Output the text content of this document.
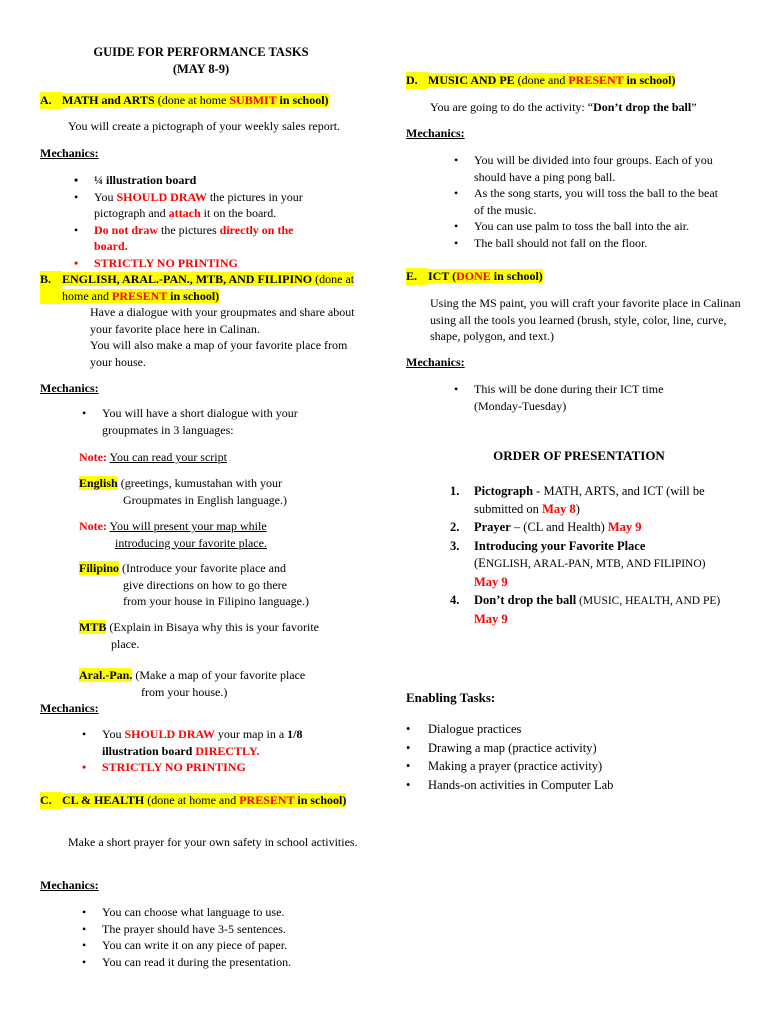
GUIDE FOR PERFORMANCE TASKS
(MAY 8-9)
A. MATH and ARTS (done at home SUBMIT in school)
You will create a pictograph of your weekly sales report.
Mechanics:
• ¼ illustration board
• You SHOULD DRAW the pictures in your pictograph and attach it on the board.
• Do not draw the pictures directly on the board.
• STRICTLY NO PRINTING
B. ENGLISH, ARAL.-PAN., MTB, AND FILIPINO (done at home and PRESENT in school)
Have a dialogue with your groupmates and share about your favorite place here in Calinan.
You will also make a map of your favorite place from your house.
Mechanics:
• You will have a short dialogue with your groupmates in 3 languages:
Note: You can read your script
English (greetings, kumustahan with your
Groupmates in English language.)
Note: You will present your map while
introducing your favorite place.
Filipino (Introduce your favorite place and
give directions on how to go there
from your house in Filipino language.)
MTB (Explain in Bisaya why this is your favorite
place.
Aral.-Pan. (Make a map of your favorite place
from your house.)
Mechanics:
• You SHOULD DRAW your map in a 1/8 illustration board DIRECTLY.
• STRICTLY NO PRINTING
C. CL & HEALTH (done at home and PRESENT in school)
Make a short prayer for your own safety in school activities.
Mechanics:
• You can choose what language to use.
• The prayer should have 3-5 sentences.
• You can write it on any piece of paper.
• You can read it during the presentation.
D. MUSIC AND PE (done and PRESENT in school)
You are going to do the activity: “Don’t drop the ball”
Mechanics:
• You will be divided into four groups. Each of you should have a ping pong ball.
• As the song starts, you will toss the ball to the beat of the music.
• You can use palm to toss the ball into the air.
• The ball should not fall on the floor.
E. ICT (DONE in school)
Using the MS paint, you will craft your favorite place in Calinan using all the tools you learned (brush, style, color, line, curve, shape, polygon, and text.)
Mechanics:
• This will be done during their ICT time (Monday-Tuesday)
ORDER OF PRESENTATION
1. Pictograph - MATH, ARTS, and ICT (will be submitted on May 8)
2. Prayer – (CL and Health) May 9
3. Introducing your Favorite Place
(ENGLISH, ARAL-PAN, MTB, AND FILIPINO) May 9
4. Don’t drop the ball (MUSIC, HEALTH, AND PE) May 9
Enabling Tasks:
• Dialogue practices
• Drawing a map (practice activity)
• Making a prayer (practice activity)
• Hands-on activities in Computer Lab
